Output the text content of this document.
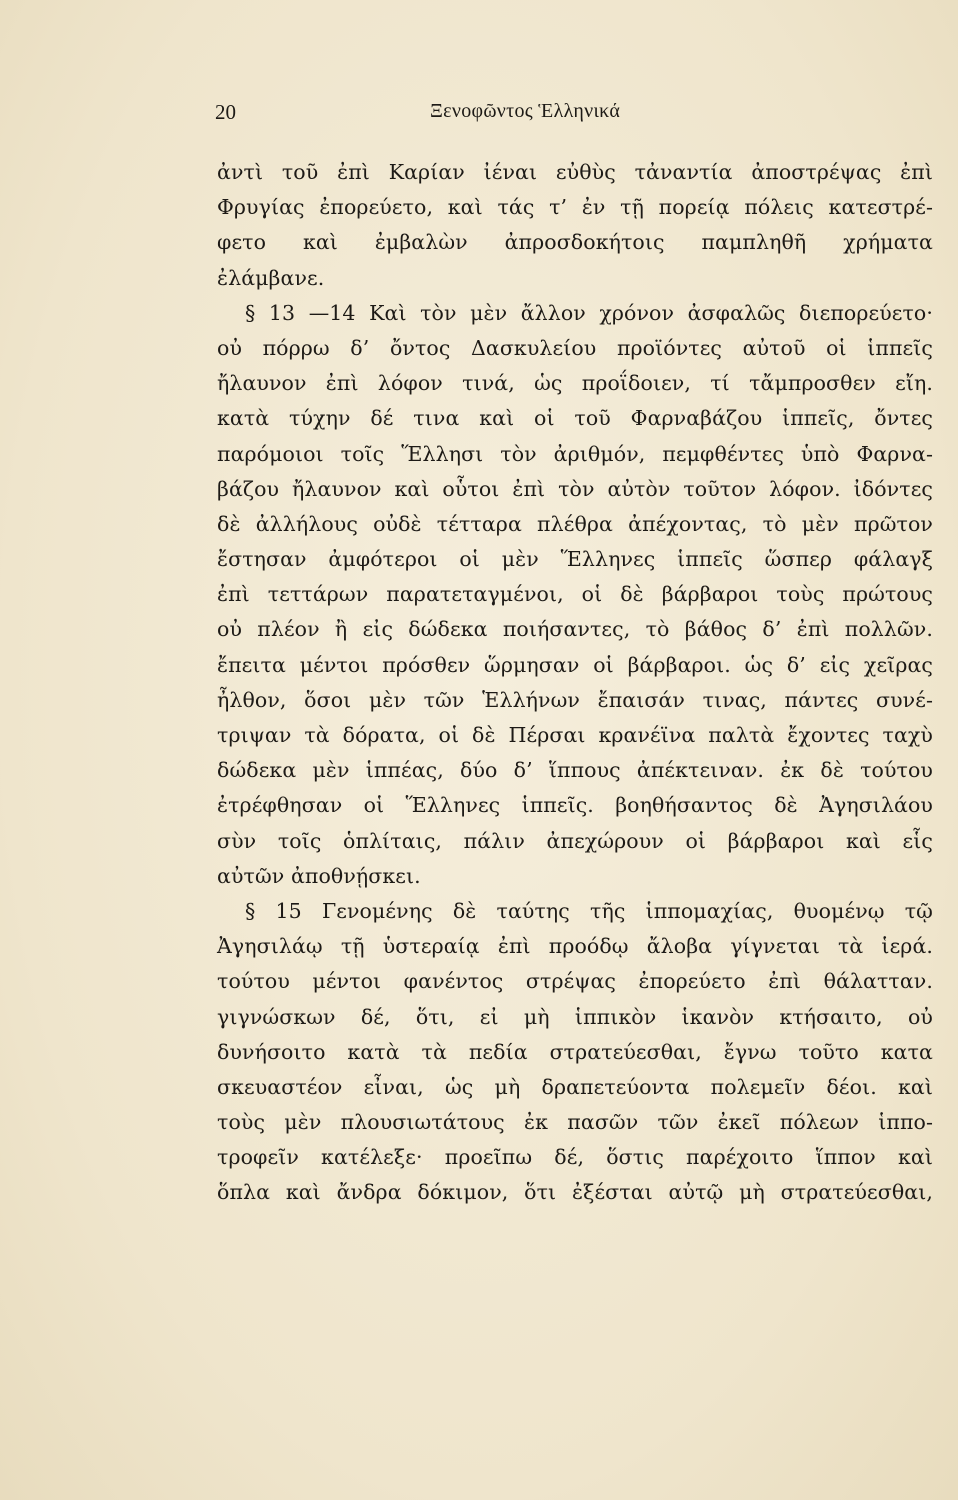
20	Ξενοφῶντος Ἑλληνικά
ἀντὶ τοῦ ἐπὶ Καρίαν ἰέναι εὐθὺς τἀναντία ἀποστρέψας ἐπὶ
Φρυγίας ἐπορεύετο, καὶ τάς τ’ ἐν τῇ πορείᾳ πόλεις κατεστρέ-
φετο καὶ ἐμβαλὼν ἀπροσδοκήτοις παμπληθῆ χρήματα
ἐλάμβανε.
§ 13 —14 Καὶ τὸν μὲν ἄλλον χρόνον ἀσφαλῶς διεπορεύετο·
οὐ πόρρω δ’ ὄντος Δασκυλείου προϊόντες αὐτοῦ οἱ ἱππεῖς
ἤλαυνον ἐπὶ λόφον τινά, ὡς προΐδοιεν, τί τἄμπροσθεν εἴη.
κατὰ τύχην δέ τινα καὶ οἱ τοῦ Φαρναβάζου ἱππεῖς, ὄντες
παρόμοιοι τοῖς Ἕλλησι τὸν ἀριθμόν, πεμφθέντες ὑπὸ Φαρνα-
βάζου ἤλαυνον καὶ οὗτοι ἐπὶ τὸν αὐτὸν τοῦτον λόφον. ἰδόντες
δὲ ἀλλήλους οὐδὲ τέτταρα πλέθρα ἀπέχοντας, τὸ μὲν πρῶτον
ἔστησαν ἀμφότεροι οἱ μὲν Ἕλληνες ἱππεῖς ὥσπερ φάλαγξ
ἐπὶ τεττάρων παρατεταγμένοι, οἱ δὲ βάρβαροι τοὺς πρώτους
οὐ πλέον ἢ εἰς δώδεκα ποιήσαντες, τὸ βάθος δ’ ἐπὶ πολλῶν.
ἔπειτα μέντοι πρόσθεν ὥρμησαν οἱ βάρβαροι. ὡς δ’ εἰς χεῖρας
ἦλθον, ὅσοι μὲν τῶν Ἑλλήνων ἔπαισάν τινας, πάντες συνέ-
τριψαν τὰ δόρατα, οἱ δὲ Πέρσαι κρανέϊνα παλτὰ ἔχοντες ταχὺ
δώδεκα μὲν ἱππέας, δύο δ’ ἵππους ἀπέκτειναν. ἐκ δὲ τούτου
ἐτρέφθησαν οἱ Ἕλληνες ἱππεῖς. βοηθήσαντος δὲ Ἀγησιλάου
σὺν τοῖς ὁπλίταις, πάλιν ἀπεχώρουν οἱ βάρβαροι καὶ εἷς
αὐτῶν ἀποθνῄσκει.
§ 15 Γενομένης δὲ ταύτης τῆς ἱππομαχίας, θυομένῳ τῷ
Ἀγησιλάῳ τῇ ὑστεραίᾳ ἐπὶ προόδῳ ἄλοβα γίγνεται τὰ ἱερά.
τούτου μέντοι φανέντος στρέψας ἐπορεύετο ἐπὶ θάλατταν.
γιγνώσκων δέ, ὅτι, εἰ μὴ ἱππικὸν ἱκανὸν κτήσαιτο, οὐ
δυνήσοιτο κατὰ τὰ πεδία στρατεύεσθαι, ἔγνω τοῦτο κατα
σκευαστέον εἶναι, ὡς μὴ δραπετεύοντα πολεμεῖν δέοι. καὶ
τοὺς μὲν πλουσιωτάτους ἐκ πασῶν τῶν ἐκεῖ πόλεων ἱππο-
τροφεῖν κατέλεξε· προεῖπω δέ, ὅστις παρέχοιτο ἵππον καὶ
ὅπλα καὶ ἄνδρα δόκιμον, ὅτι ἐξέσται αὐτῷ μὴ στρατεύεσθαι,
